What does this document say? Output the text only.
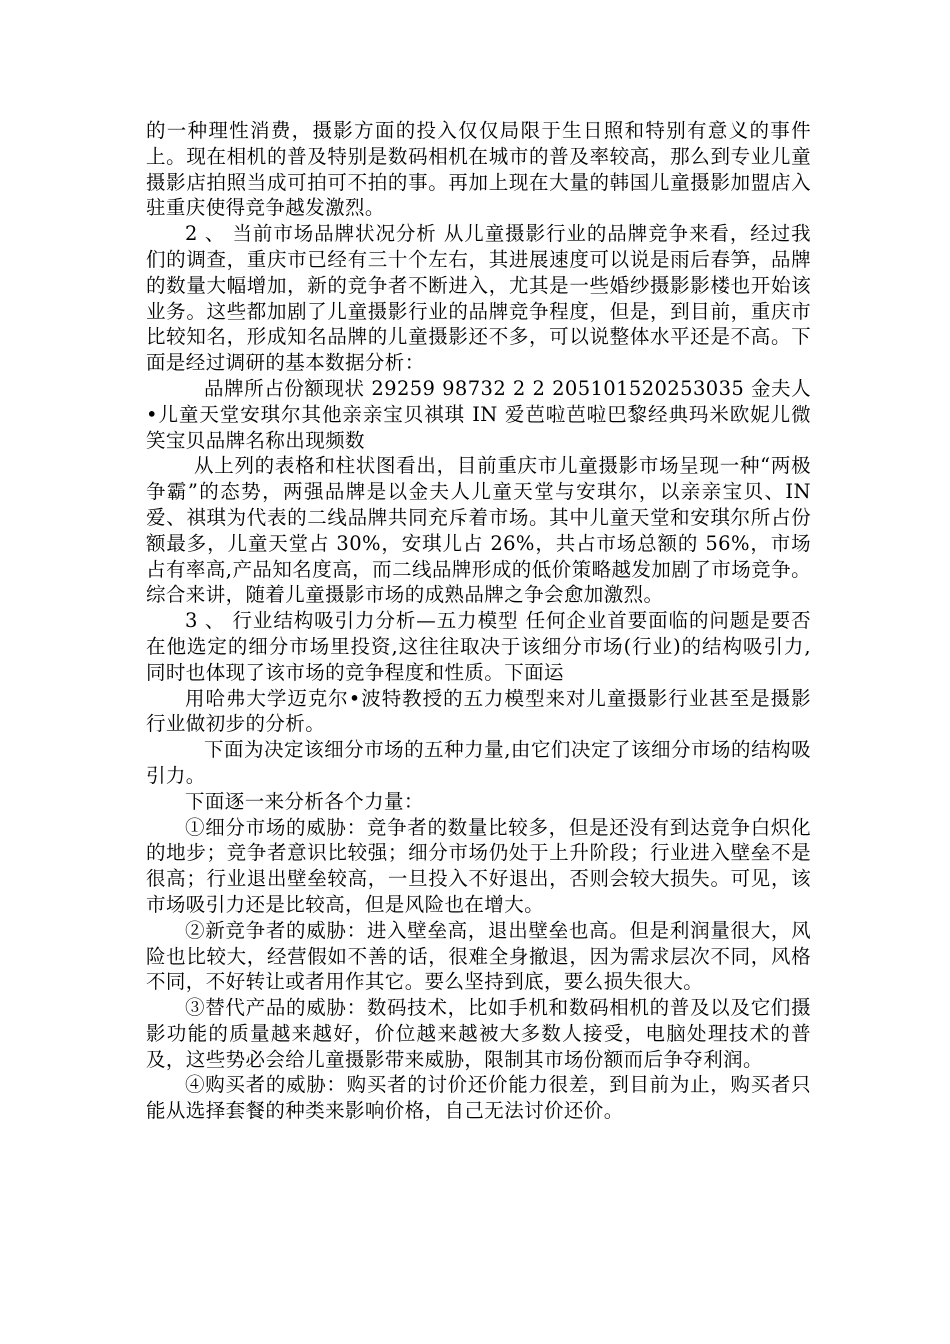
的一种理性消费，摄影方面的投入仅仅局限于生日照和特别有意义的事件上。现在相机的普及特别是数码相机在城市的普及率较高，那么到专业儿童摄影店拍照当成可拍可不拍的事。再加上现在大量的韩国儿童摄影加盟店入驻重庆使得竞争越发激烈。

2 、 当前市场品牌状况分析 从儿童摄影行业的品牌竞争来看，经过我们的调查，重庆市已经有三十个左右，其进展速度可以说是雨后春笋，品牌的数量大幅增加，新的竞争者不断进入，尤其是一些婚纱摄影影楼也开始该业务。这些都加剧了儿童摄影行业的品牌竞争程度，但是，到目前，重庆市比较知名，形成知名品牌的儿童摄影还不多，可以说整体水平还是不高。下面是经过调研的基本数据分析：

品牌所占份额现状 29259 98732 2 2 205101520253035 金夫人•儿童天堂安琪尔其他亲亲宝贝祺琪 IN 爱芭啦芭啦巴黎经典玛米欧妮儿微笑宝贝品牌名称出现频数

从上列的表格和柱状图看出，目前重庆市儿童摄影市场呈现一种“两极争霸”的态势，两强品牌是以金夫人儿童天堂与安琪尔，以亲亲宝贝、IN 爱、祺琪为代表的二线品牌共同充斥着市场。其中儿童天堂和安琪尔所占份额最多，儿童天堂占 30%，安琪儿占 26%，共占市场总额的 56%，市场占有率高,产品知名度高，而二线品牌形成的低价策略越发加剧了市场竞争。综合来讲，随着儿童摄影市场的成熟品牌之争会愈加激烈。

3 、 行业结构吸引力分析—五力模型 任何企业首要面临的问题是要否在他选定的细分市场里投资,这往往取决于该细分市场(行业)的结构吸引力,同时也体现了该市场的竞争程度和性质。下面运

用哈弗大学迈克尔•波特教授的五力模型来对儿童摄影行业甚至是摄影行业做初步的分析。

下面为决定该细分市场的五种力量,由它们决定了该细分市场的结构吸引力。

下面逐一来分析各个力量：

①细分市场的威胁：竞争者的数量比较多，但是还没有到达竞争白炽化的地步；竞争者意识比较强；细分市场仍处于上升阶段；行业进入壁垒不是很高；行业退出壁垒较高，一旦投入不好退出，否则会较大损失。可见，该市场吸引力还是比较高，但是风险也在增大。

②新竞争者的威胁：进入壁垒高，退出壁垒也高。但是利润量很大，风险也比较大，经营假如不善的话，很难全身撤退，因为需求层次不同，风格不同，不好转让或者用作其它。要么坚持到底，要么损失很大。

③替代产品的威胁：数码技术，比如手机和数码相机的普及以及它们摄影功能的质量越来越好，价位越来越被大多数人接受，电脑处理技术的普及，这些势必会给儿童摄影带来威胁，限制其市场份额而后争夺利润。

④购买者的威胁：购买者的讨价还价能力很差，到目前为止，购买者只能从选择套餐的种类来影响价格，自己无法讨价还价。
